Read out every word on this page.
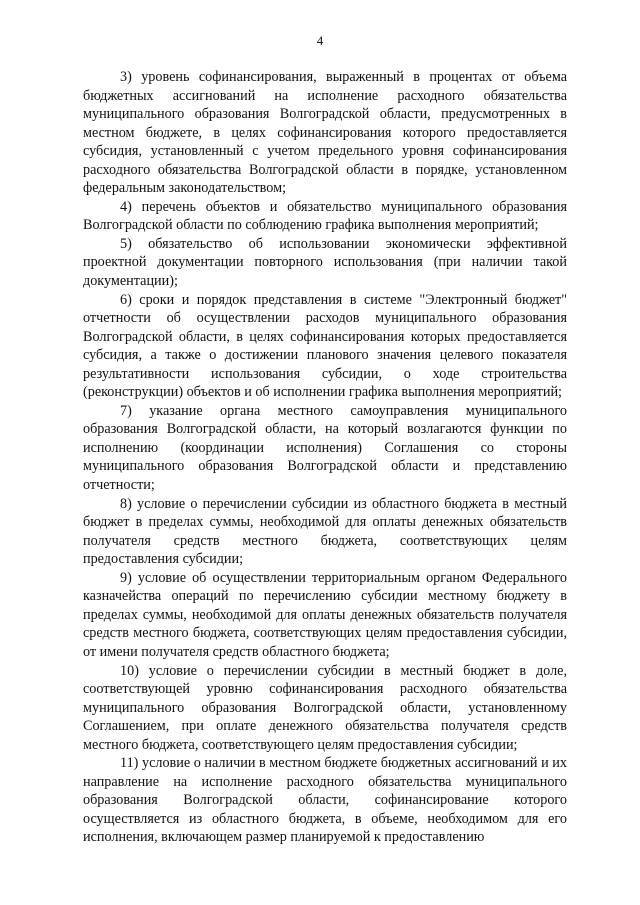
4

3) уровень софинансирования, выраженный в процентах от объема бюджетных ассигнований на исполнение расходного обязательства муниципального образования Волгоградской области, предусмотренных в местном бюджете, в целях софинансирования которого предоставляется субсидия, установленный с учетом предельного уровня софинансирования расходного обязательства Волгоградской области в порядке, установленном федеральным законодательством;

4) перечень объектов и обязательство муниципального образования Волгоградской области по соблюдению графика выполнения мероприятий;

5) обязательство об использовании экономически эффективной проектной документации повторного использования (при наличии такой документации);

6) сроки и порядок представления в системе "Электронный бюджет" отчетности об осуществлении расходов муниципального образования Волгоградской области, в целях софинансирования которых предоставляется субсидия, а также о достижении планового значения целевого показателя результативности использования субсидии, о ходе строительства (реконструкции) объектов и об исполнении графика выполнения мероприятий;

7) указание органа местного самоуправления муниципального образования Волгоградской области, на который возлагаются функции по исполнению (координации исполнения) Соглашения со стороны муниципального образования Волгоградской области и представлению отчетности;

8) условие о перечислении субсидии из областного бюджета в местный бюджет в пределах суммы, необходимой для оплаты денежных обязательств получателя средств местного бюджета, соответствующих целям предоставления субсидии;

9) условие об осуществлении территориальным органом Федерального казначейства операций по перечислению субсидии местному бюджету в пределах суммы, необходимой для оплаты денежных обязательств получателя средств местного бюджета, соответствующих целям предоставления субсидии, от имени получателя средств областного бюджета;

10) условие о перечислении субсидии в местный бюджет в доле, соответствующей уровню софинансирования расходного обязательства муниципального образования Волгоградской области, установленному Соглашением, при оплате денежного обязательства получателя средств местного бюджета, соответствующего целям предоставления субсидии;

11) условие о наличии в местном бюджете бюджетных ассигнований и их направление на исполнение расходного обязательства муниципального образования Волгоградской области, софинансирование которого осуществляется из областного бюджета, в объеме, необходимом для его исполнения, включающем размер планируемой к предоставлению
